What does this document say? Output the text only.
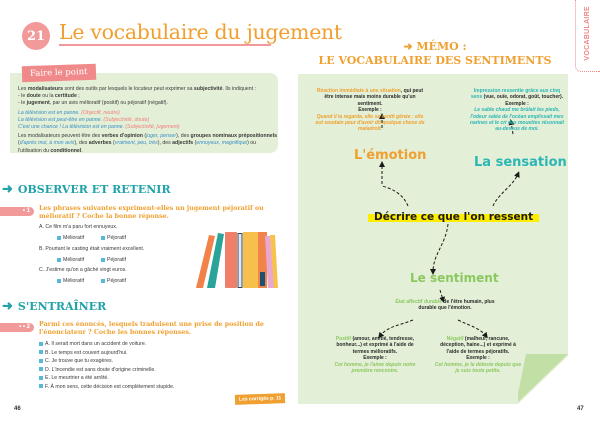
21 Le vocabulaire du jugement
Faire le point

Les modalisateurs sont des outils par lesquels le locuteur peut exprimer sa subjectivité. Ils indiquent :

- le doute ou la certitude ;

- le jugement, par un avis mélioratif (positif) ou péjoratif (négatif).

La télévision est en panne. (Objectif, neutre)

La télévision est peut-être en panne. (Subjectivité, doute)

C'est une chance ! La télévision est en panne. (Subjectivité, jugement)

Les modalisateurs peuvent être des verbes d'opinion (juger, penser), des groupes nominaux prépositionnels (d'après moi, à mon avis), des adverbes (vraiment, peu, très), des adjectifs (ennuyeux, magnifique) ou l'utilisation du conditionnel.

➜ OBSERVER ET RETENIR
• 1	Les phrases suivantes expriment-elles un jugement péjoratif ou mélioratif ? Coche la bonne réponse.
A. Ce film m'a paru fort ennuyeux.
Mélioratif	Péjoratif
B. Pourtant le casting était vraiment excellent.
Mélioratif	Péjoratif
C. J'estime qu'on a gâché vingt euros.
Mélioratif	Péjoratif
➜ S'ENTRAÎNER
• • 2	Parmi ces énoncés, lesquels traduisent une prise de position de l'énonciateur ? Coche les bonnes réponses.
A. Il serait mort dans un accident de voiture.
B. Le temps est couvert aujourd'hui.
C. Je trouve que tu exagères.
D. L'incendie est sans doute d'origine criminelle.
E. Le meurtrier a été arrêté.
F. À mon sens, cette décision est complètement stupide.
Les corrigés p. 11
46
VOCABULAIRE
➜ MÉMO :
LE VOCABULAIRE DES SENTIMENTS
Réaction immédiate à une situation, qui peut être intense mais moins durable qu'un sentiment.
Exemple :
Quand il la regarda, elle se sentit gênée : elle eut soudain peur d'avoir dit quelque chose de maladroit.
L'émotion
Impression ressentie grâce aux cinq sens (vue, ouïe, odorat, goût, toucher).
Exemple :
Le sable chaud me brûlait les pieds, l'odeur salée de l'océan emplissait mes narines et le cri des mouettes résonnait au-dessus de moi.
La sensation
Décrire ce que l'on ressent
Le sentiment
État affectif durable de l'être humain, plus durable que l'émotion.
Positif (amour, amitié, tendresse, bonheur...) et exprimé à l'aide de termes mélioratifs.
Exemple :
Cet homme, je l'aime depuis notre première rencontre.
Négatif (malheur, rancune, déception, haine...) et exprimé à l'aide de termes péjoratifs.
Exemple :
Cet homme, je le déteste depuis que je suis toute petite.
47
